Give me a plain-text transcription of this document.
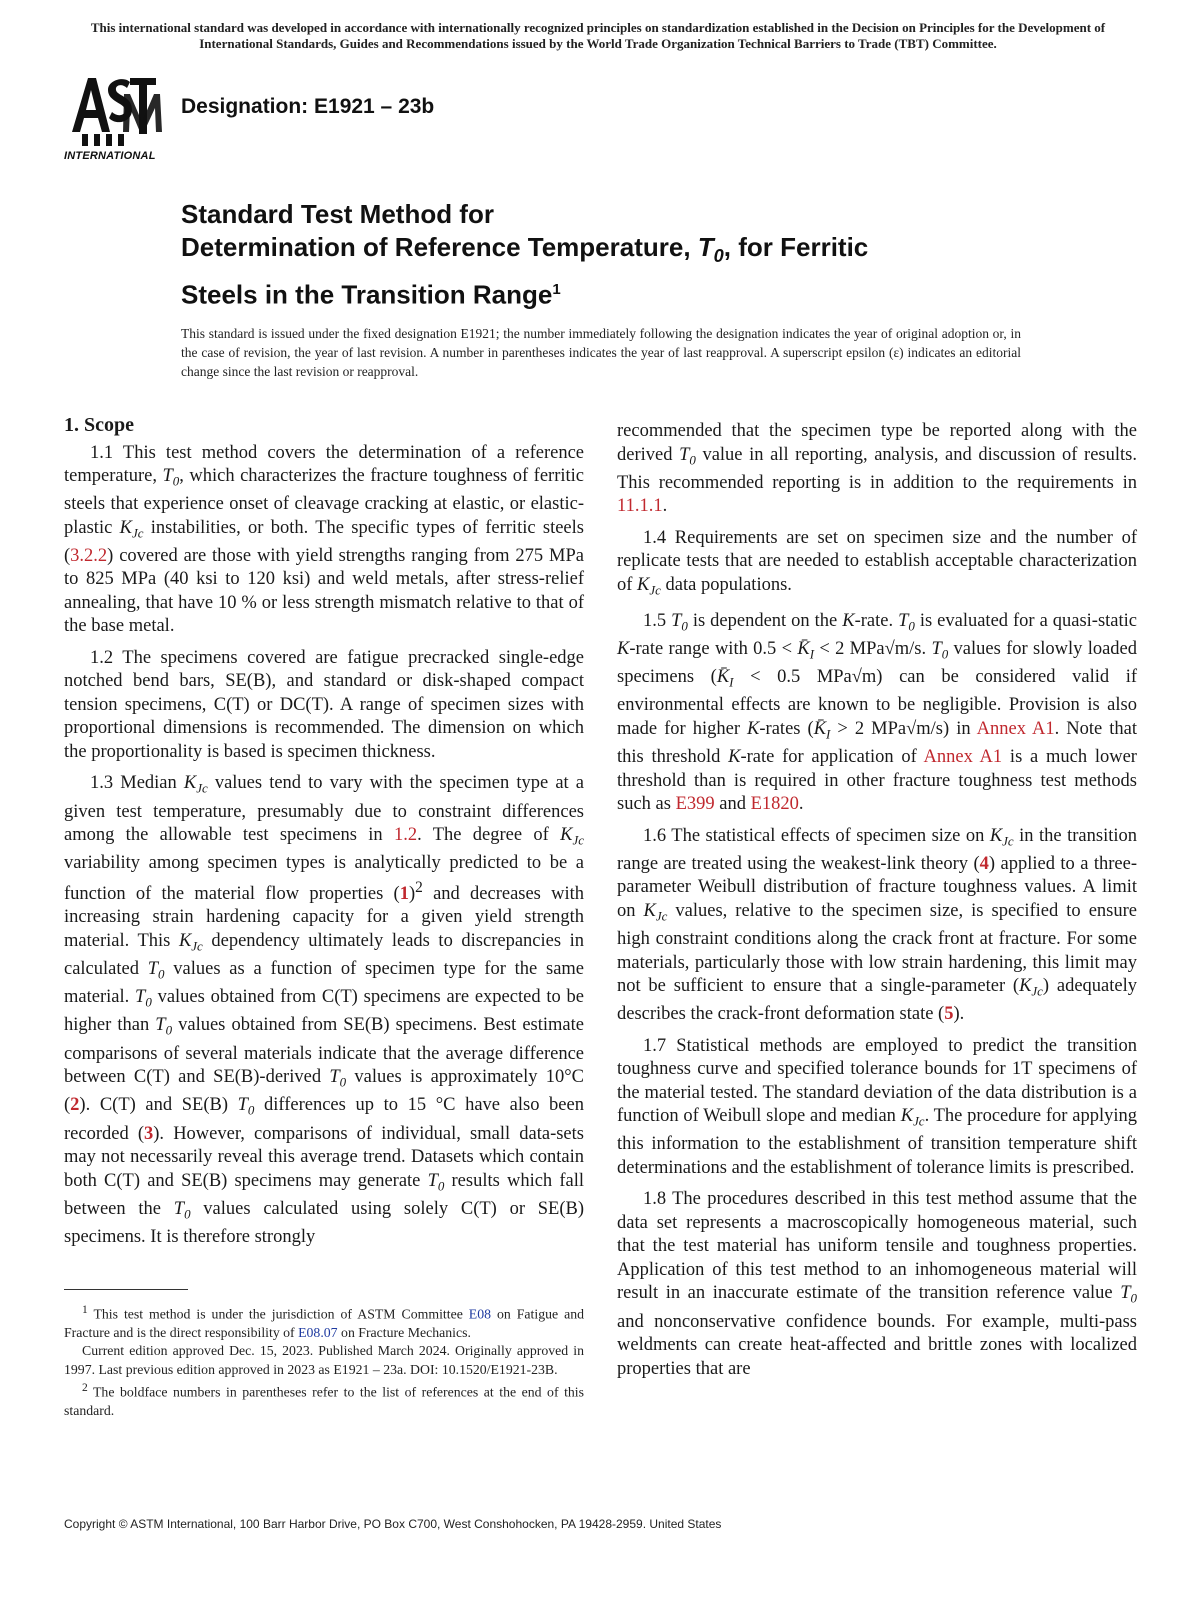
This international standard was developed in accordance with internationally recognized principles on standardization established in the Decision on Principles for the Development of International Standards, Guides and Recommendations issued by the World Trade Organization Technical Barriers to Trade (TBT) Committee.
INTERNATIONAL
Designation: E1921 – 23b
Standard Test Method for
Determination of Reference Temperature, $T_0$, for Ferritic
Steels in the Transition Range$^1$
This standard is issued under the fixed designation E1921; the number immediately following the designation indicates the year of original adoption or, in the case of revision, the year of last revision. A number in parentheses indicates the year of last reapproval. A superscript epsilon (ε) indicates an editorial change since the last revision or reapproval.
1. Scope

1.1 This test method covers the determination of a reference temperature, $T_0$, which characterizes the fracture toughness of ferritic steels that experience onset of cleavage cracking at elastic, or elastic-plastic $K_{Jc}$ instabilities, or both. The specific types of ferritic steels (3.2.2) covered are those with yield strengths ranging from 275 MPa to 825 MPa (40 ksi to 120 ksi) and weld metals, after stress-relief annealing, that have 10 % or less strength mismatch relative to that of the base metal.

1.2 The specimens covered are fatigue precracked single-edge notched bend bars, SE(B), and standard or disk-shaped compact tension specimens, C(T) or DC(T). A range of specimen sizes with proportional dimensions is recommended. The dimension on which the proportionality is based is specimen thickness.

1.3 Median $K_{Jc}$ values tend to vary with the specimen type at a given test temperature, presumably due to constraint differences among the allowable test specimens in 1.2. The degree of $K_{Jc}$ variability among specimen types is analytically predicted to be a function of the material flow properties $(1)^2$ and decreases with increasing strain hardening capacity for a given yield strength material. This $K_{Jc}$ dependency ultimately leads to discrepancies in calculated $T_0$ values as a function of specimen type for the same material. $T_0$ values obtained from C(T) specimens are expected to be higher than $T_0$ values obtained from SE(B) specimens. Best estimate comparisons of several materials indicate that the average difference between C(T) and SE(B)-derived $T_0$ values is approximately 10°C (2). C(T) and SE(B) $T_0$ differences up to 15 °C have also been recorded (3). However, comparisons of individual, small data-sets may not necessarily reveal this average trend. Datasets which contain both C(T) and SE(B) specimens may generate $T_0$ results which fall between the $T_0$ values calculated using solely C(T) or SE(B) specimens. It is therefore strongly

$^1$ This test method is under the jurisdiction of ASTM Committee E08 on Fatigue and Fracture and is the direct responsibility of E08.07 on Fracture Mechanics.

Current edition approved Dec. 15, 2023. Published March 2024. Originally approved in 1997. Last previous edition approved in 2023 as E1921 – 23a. DOI: 10.1520/E1921-23B.

$^2$ The boldface numbers in parentheses refer to the list of references at the end of this standard.

recommended that the specimen type be reported along with the derived $T_0$ value in all reporting, analysis, and discussion of results. This recommended reporting is in addition to the requirements in 11.1.1.

1.4 Requirements are set on specimen size and the number of replicate tests that are needed to establish acceptable characterization of $K_{Jc}$ data populations.

1.5 $T_0$ is dependent on the K-rate. $T_0$ is evaluated for a quasi-static K-rate range with $0.5 < K̄_I < 2$ MPa√m/s. $T_0$ values for slowly loaded specimens ($K̄_I < 0.5$ MPa√m) can be considered valid if environmental effects are known to be negligible. Provision is also made for higher K-rates ($K̄_I > 2$ MPa√m/s) in Annex A1. Note that this threshold K-rate for application of Annex A1 is a much lower threshold than is required in other fracture toughness test methods such as E399 and E1820.

1.6 The statistical effects of specimen size on $K_{Jc}$ in the transition range are treated using the weakest-link theory (4) applied to a three-parameter Weibull distribution of fracture toughness values. A limit on $K_{Jc}$ values, relative to the specimen size, is specified to ensure high constraint conditions along the crack front at fracture. For some materials, particularly those with low strain hardening, this limit may not be sufficient to ensure that a single-parameter $(K_{Jc})$ adequately describes the crack-front deformation state (5).

1.7 Statistical methods are employed to predict the transition toughness curve and specified tolerance bounds for 1T specimens of the material tested. The standard deviation of the data distribution is a function of Weibull slope and median $K_{Jc}$. The procedure for applying this information to the establishment of transition temperature shift determinations and the establishment of tolerance limits is prescribed.

1.8 The procedures described in this test method assume that the data set represents a macroscopically homogeneous material, such that the test material has uniform tensile and toughness properties. Application of this test method to an inhomogeneous material will result in an inaccurate estimate of the transition reference value $T_0$ and nonconservative confidence bounds. For example, multi-pass weldments can create heat-affected and brittle zones with localized properties that are

Copyright © ASTM International, 100 Barr Harbor Drive, PO Box C700, West Conshohocken, PA 19428-2959. United States
